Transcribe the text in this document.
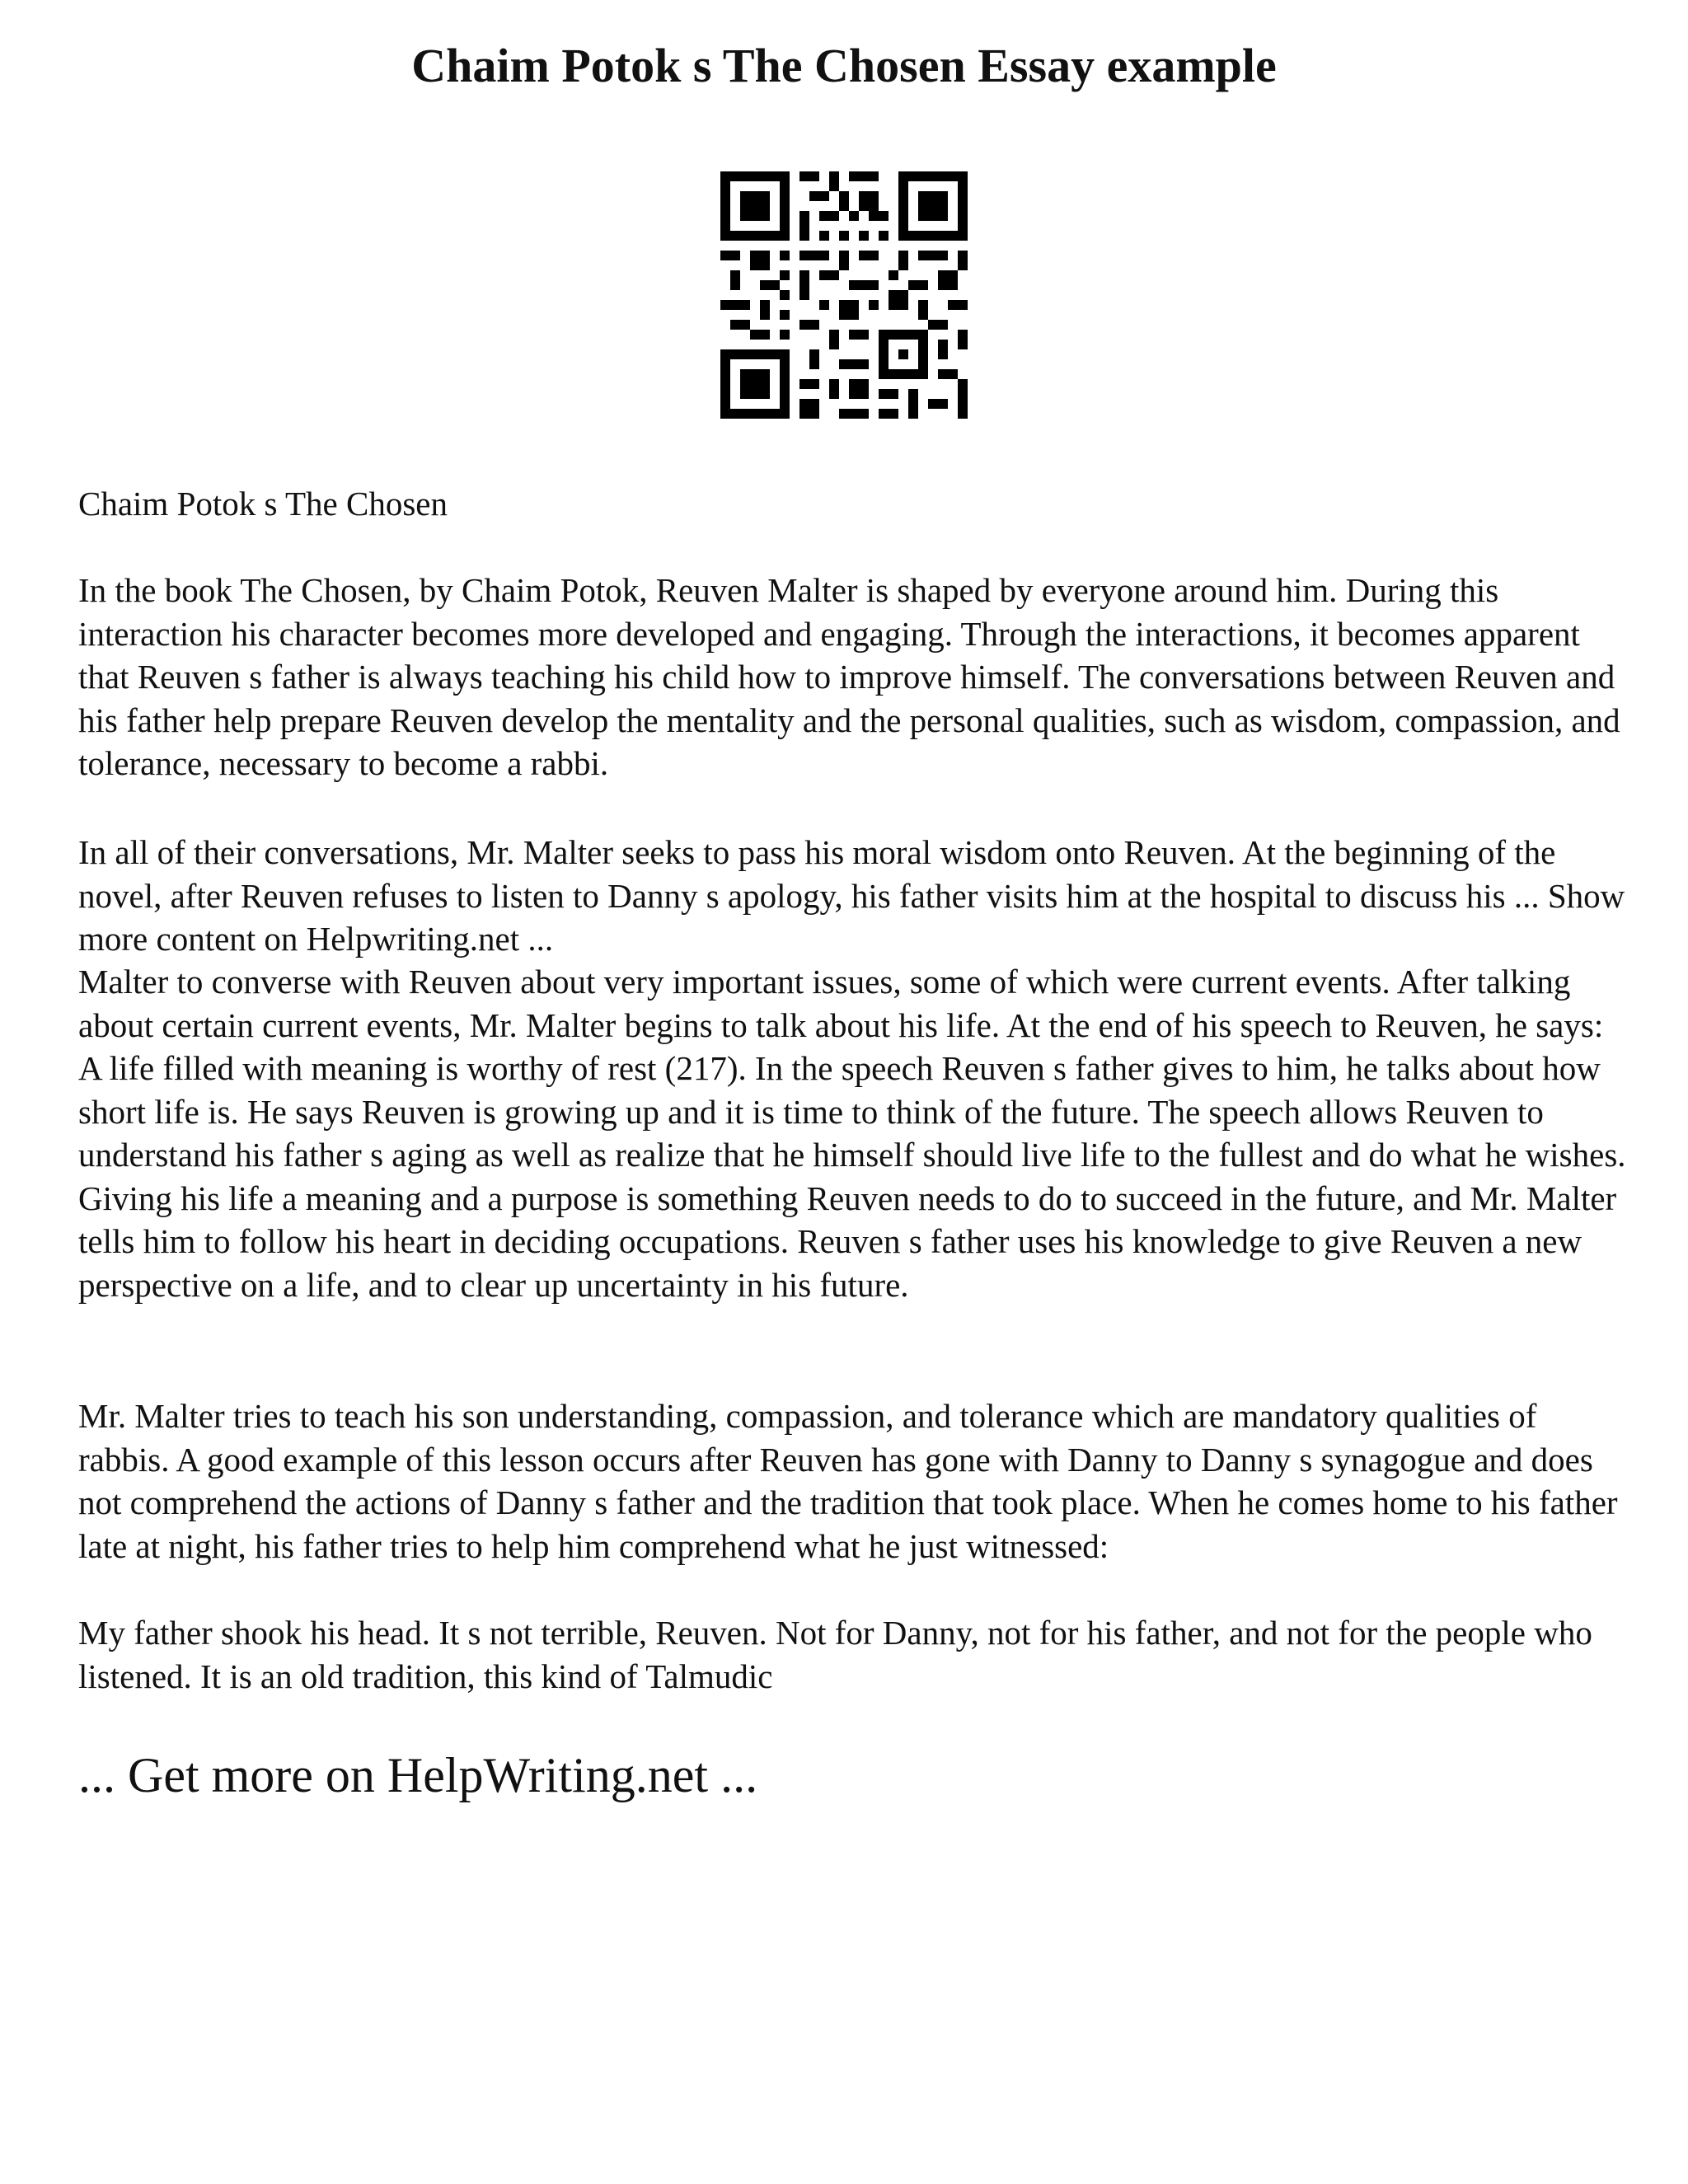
Chaim Potok s The Chosen Essay example

Chaim Potok s The Chosen

In the book The Chosen, by Chaim Potok, Reuven Malter is shaped by everyone around him. During this interaction his character becomes more developed and engaging. Through the interactions, it becomes apparent that Reuven s father is always teaching his child how to improve himself. The conversations between Reuven and his father help prepare Reuven develop the mentality and the personal qualities, such as wisdom, compassion, and tolerance, necessary to become a rabbi.

In all of their conversations, Mr. Malter seeks to pass his moral wisdom onto Reuven. At the beginning of the novel, after Reuven refuses to listen to Danny s apology, his father visits him at the hospital to discuss his ... Show more content on Helpwriting.net ...

Malter to converse with Reuven about very important issues, some of which were current events. After talking about certain current events, Mr. Malter begins to talk about his life. At the end of his speech to Reuven, he says: A life filled with meaning is worthy of rest (217). In the speech Reuven s father gives to him, he talks about how short life is. He says Reuven is growing up and it is time to think of the future. The speech allows Reuven to understand his father s aging as well as realize that he himself should live life to the fullest and do what he wishes. Giving his life a meaning and a purpose is something Reuven needs to do to succeed in the future, and Mr. Malter tells him to follow his heart in deciding occupations. Reuven s father uses his knowledge to give Reuven a new perspective on a life, and to clear up uncertainty in his future.

Mr. Malter tries to teach his son understanding, compassion, and tolerance which are mandatory qualities of rabbis. A good example of this lesson occurs after Reuven has gone with Danny to Danny s synagogue and does not comprehend the actions of Danny s father and the tradition that took place. When he comes home to his father late at night, his father tries to help him comprehend what he just witnessed:

My father shook his head. It s not terrible, Reuven. Not for Danny, not for his father, and not for the people who listened. It is an old tradition, this kind of Talmudic

... Get more on HelpWriting.net ...
